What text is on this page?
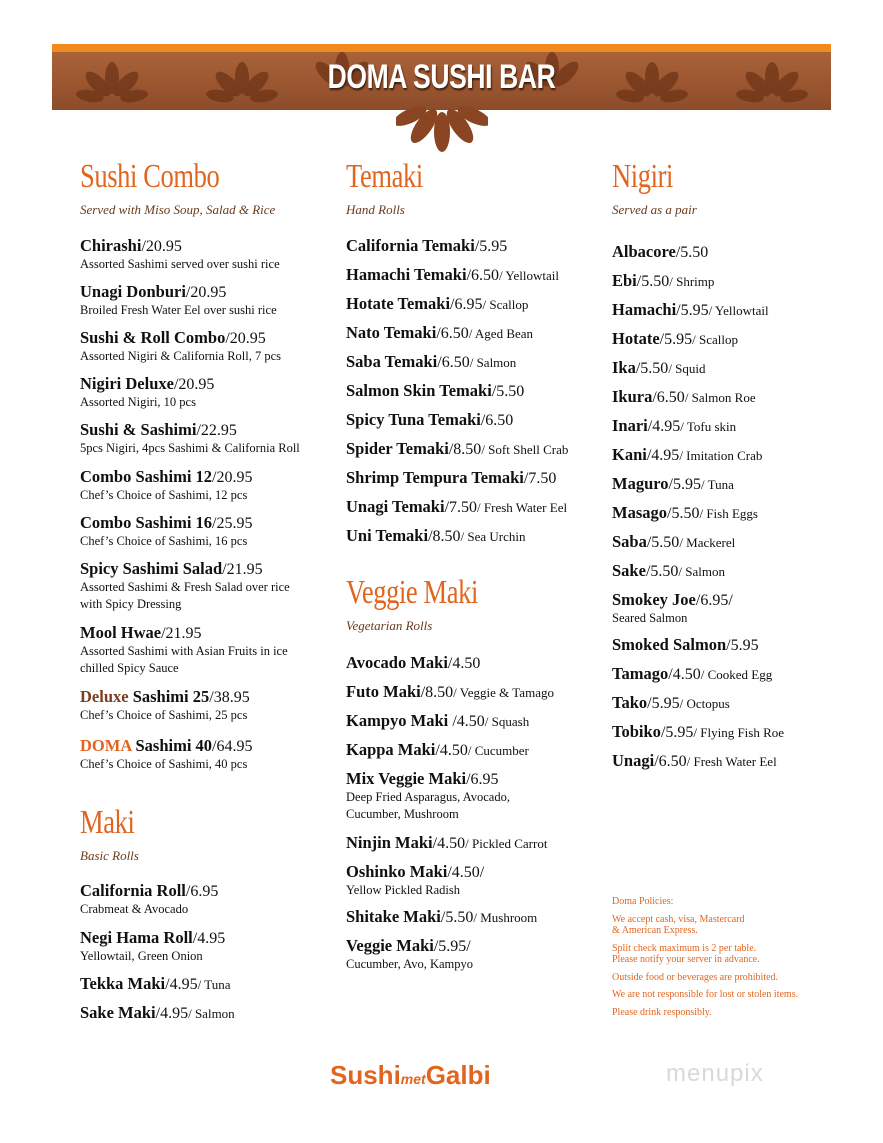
DOMA SUSHI BAR
Sushi Combo
Served with Miso Soup, Salad & Rice
Chirashi/20.95
Assorted Sashimi served over sushi rice
Unagi Donburi/20.95
Broiled Fresh Water Eel over sushi rice
Sushi & Roll Combo/20.95
Assorted Nigiri & California Roll, 7 pcs
Nigiri Deluxe/20.95
Assorted Nigiri, 10 pcs
Sushi & Sashimi/22.95
5pcs Nigiri, 4pcs Sashimi & California Roll
Combo Sashimi 12/20.95
Chef’s Choice of Sashimi, 12 pcs
Combo Sashimi 16/25.95
Chef’s Choice of Sashimi, 16 pcs
Spicy Sashimi Salad/21.95
Assorted Sashimi & Fresh Salad over rice
with Spicy Dressing
Mool Hwae/21.95
Assorted Sashimi with Asian Fruits in ice
chilled Spicy Sauce
Deluxe Sashimi 25/38.95
Chef’s Choice of Sashimi, 25 pcs
DOMA Sashimi 40/64.95
Chef’s Choice of Sashimi, 40 pcs
Maki
Basic Rolls
California Roll/6.95
Crabmeat & Avocado
Negi Hama Roll/4.95
Yellowtail, Green Onion
Tekka Maki/4.95/ Tuna
Sake Maki/4.95/ Salmon
Temaki
Hand Rolls
California Temaki/5.95
Hamachi Temaki/6.50/ Yellowtail
Hotate Temaki/6.95/ Scallop
Nato Temaki/6.50/ Aged Bean
Saba Temaki/6.50/ Salmon
Salmon Skin Temaki/5.50
Spicy Tuna Temaki/6.50
Spider Temaki/8.50/ Soft Shell Crab
Shrimp Tempura Temaki/7.50
Unagi Temaki/7.50/ Fresh Water Eel
Uni Temaki/8.50/ Sea Urchin
Veggie Maki
Vegetarian Rolls
Avocado Maki/4.50
Futo Maki/8.50/ Veggie & Tamago
Kampyo Maki /4.50/ Squash
Kappa Maki/4.50/ Cucumber
Mix Veggie Maki/6.95
Deep Fried Asparagus, Avocado,
Cucumber, Mushroom
Ninjin Maki/4.50/ Pickled Carrot
Oshinko Maki/4.50/
Yellow Pickled Radish
Shitake Maki/5.50/ Mushroom
Veggie Maki/5.95/
Cucumber, Avo, Kampyo
Nigiri
Served as a pair
Albacore/5.50
Ebi/5.50/ Shrimp
Hamachi/5.95/ Yellowtail
Hotate/5.95/ Scallop
Ika/5.50/ Squid
Ikura/6.50/ Salmon Roe
Inari/4.95/ Tofu skin
Kani/4.95/ Imitation Crab
Maguro/5.95/ Tuna
Masago/5.50/ Fish Eggs
Saba/5.50/ Mackerel
Sake/5.50/ Salmon
Smokey Joe/6.95/
Seared Salmon
Smoked Salmon/5.95
Tamago/4.50/ Cooked Egg
Tako/5.95/ Octopus
Tobiko/5.95/ Flying Fish Roe
Unagi/6.50/ Fresh Water Eel
Doma Policies:
We accept cash, visa, Mastercard
& American Express.
Split check maximum is 2 per table.
Please notify your server in advance.
Outside food or beverages are prohibited.
We are not responsible for lost or stolen items.
Please drink responsibly.
SushimetGalbi	menupix
